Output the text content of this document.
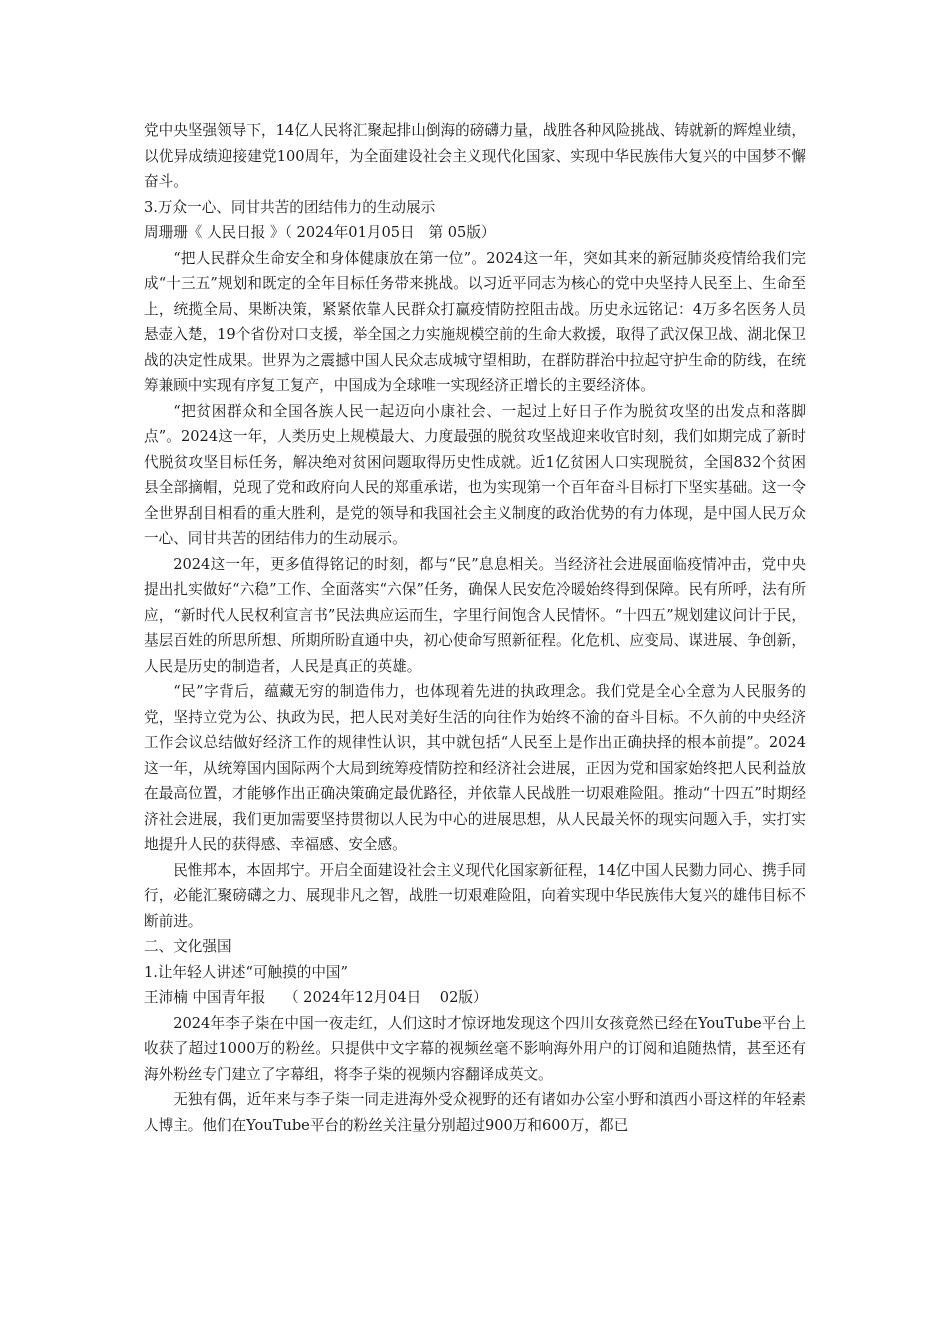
党中央坚强领导下，14亿人民将汇聚起排山倒海的磅礴力量，战胜各种风险挑战、铸就新的辉煌业绩，以优异成绩迎接建党100周年，为全面建设社会主义现代化国家、实现中华民族伟大复兴的中国梦不懈奋斗。

3.万众一心、同甘共苦的团结伟力的生动展示

周珊珊《 人民日报 》（ 2024年01月05日   第 05版）

“把人民群众生命安全和身体健康放在第一位”。2024这一年，突如其来的新冠肺炎疫情给我们完成“十三五”规划和既定的全年目标任务带来挑战。以习近平同志为核心的党中央坚持人民至上、生命至上，统揽全局、果断决策，紧紧依靠人民群众打赢疫情防控阻击战。历史永远铭记：4万多名医务人员悬壶入楚，19个省份对口支援，举全国之力实施规模空前的生命大救援，取得了武汉保卫战、湖北保卫战的决定性成果。世界为之震撼中国人民众志成城守望相助，在群防群治中拉起守护生命的防线，在统筹兼顾中实现有序复工复产，中国成为全球唯一实现经济正增长的主要经济体。

“把贫困群众和全国各族人民一起迈向小康社会、一起过上好日子作为脱贫攻坚的出发点和落脚点”。2024这一年，人类历史上规模最大、力度最强的脱贫攻坚战迎来收官时刻，我们如期完成了新时代脱贫攻坚目标任务，解决绝对贫困问题取得历史性成就。近1亿贫困人口实现脱贫，全国832个贫困县全部摘帽，兑现了党和政府向人民的郑重承诺，也为实现第一个百年奋斗目标打下坚实基础。这一令全世界刮目相看的重大胜利，是党的领导和我国社会主义制度的政治优势的有力体现，是中国人民万众一心、同甘共苦的团结伟力的生动展示。

2024这一年，更多值得铭记的时刻，都与“民”息息相关。当经济社会进展面临疫情冲击，党中央提出扎实做好“六稳”工作、全面落实“六保”任务，确保人民安危冷暖始终得到保障。民有所呼，法有所应，“新时代人民权利宣言书”民法典应运而生，字里行间饱含人民情怀。“十四五”规划建议问计于民，基层百姓的所思所想、所期所盼直通中央，初心使命写照新征程。化危机、应变局、谋进展、争创新，人民是历史的制造者，人民是真正的英雄。

“民”字背后，蕴藏无穷的制造伟力，也体现着先进的执政理念。我们党是全心全意为人民服务的党，坚持立党为公、执政为民，把人民对美好生活的向往作为始终不渝的奋斗目标。不久前的中央经济工作会议总结做好经济工作的规律性认识，其中就包括“人民至上是作出正确抉择的根本前提”。2024这一年，从统筹国内国际两个大局到统筹疫情防控和经济社会进展，正因为党和国家始终把人民利益放在最高位置，才能够作出正确决策确定最优路径，并依靠人民战胜一切艰难险阻。推动“十四五”时期经济社会进展，我们更加需要坚持贯彻以人民为中心的进展思想，从人民最关怀的现实问题入手，实打实地提升人民的获得感、幸福感、安全感。

民惟邦本，本固邦宁。开启全面建设社会主义现代化国家新征程，14亿中国人民勠力同心、携手同行，必能汇聚磅礴之力、展现非凡之智，战胜一切艰难险阻，向着实现中华民族伟大复兴的雄伟目标不断前进。

二、文化强国

1.让年轻人讲述“可触摸的中国”

王沛楠 中国青年报    （ 2024年12月04日    02版）

2024年李子柒在中国一夜走红，人们这时才惊讶地发现这个四川女孩竟然已经在YouTube平台上收获了超过1000万的粉丝。只提供中文字幕的视频丝毫不影响海外用户的订阅和追随热情，甚至还有海外粉丝专门建立了字幕组，将李子柒的视频内容翻译成英文。

无独有偶，近年来与李子柒一同走进海外受众视野的还有诸如办公室小野和滇西小哥这样的年轻素人博主。他们在YouTube平台的粉丝关注量分别超过900万和600万，都已
